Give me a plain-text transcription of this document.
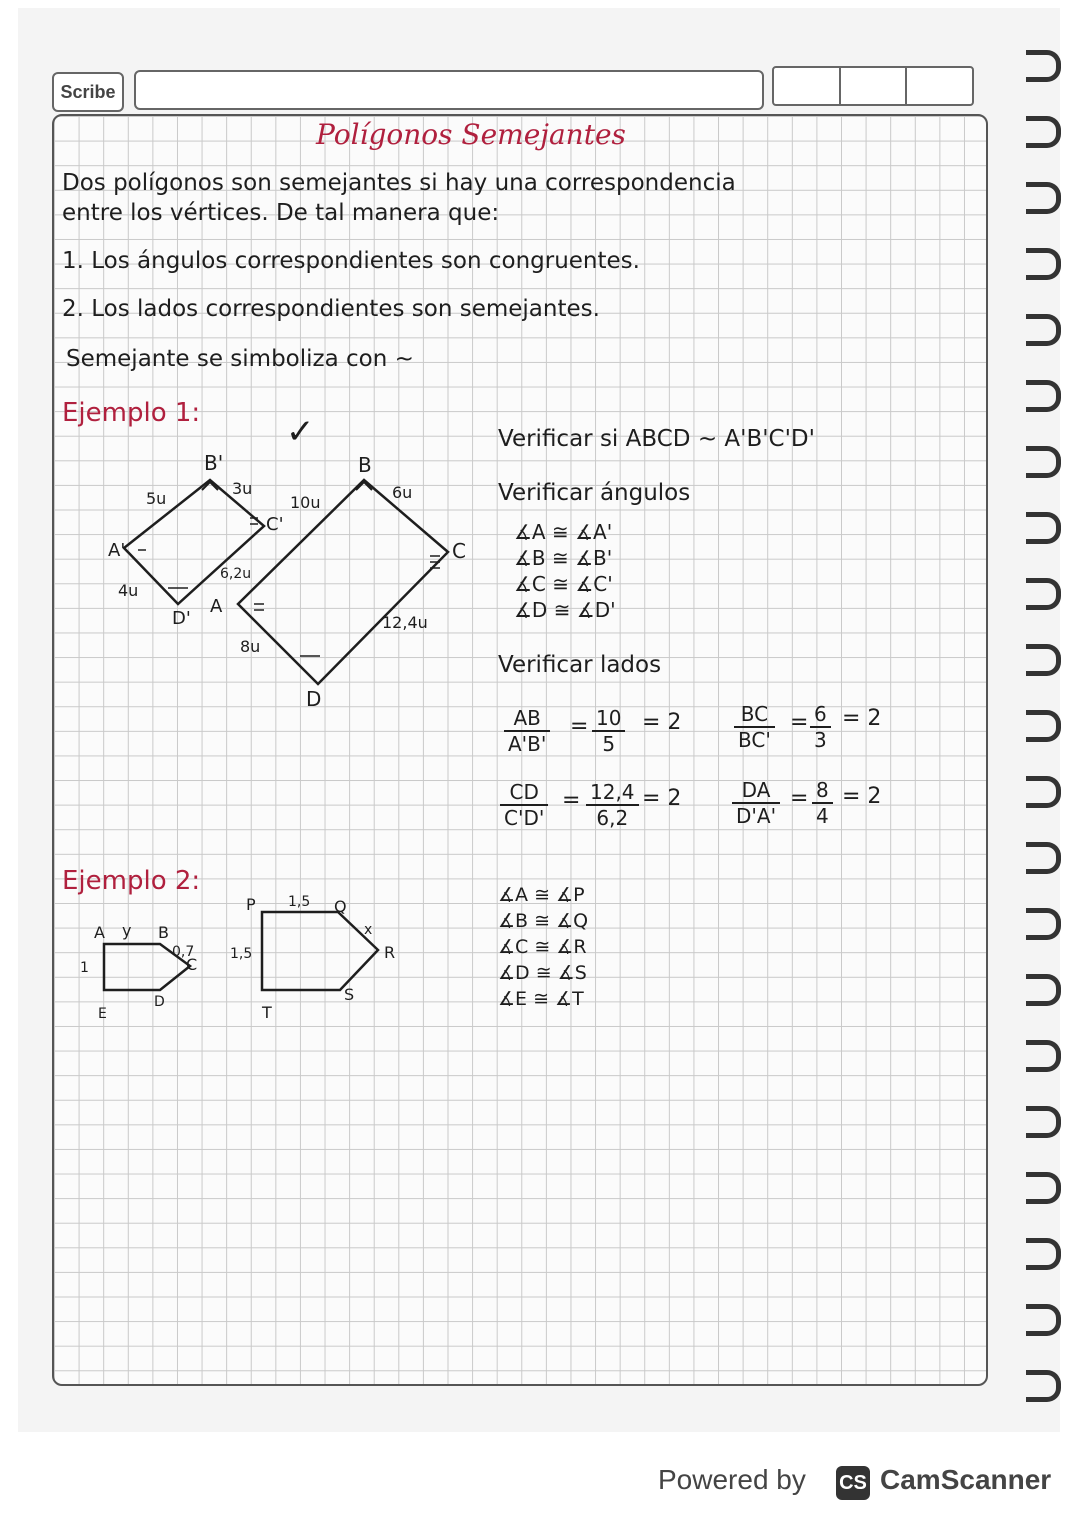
Scribe
Polígonos Semejantes
Dos polígonos son semejantes si hay una correspondencia
entre los vértices. De tal manera que:
1. Los ángulos correspondientes son congruentes.
2. Los lados correspondientes son semejantes.
Semejante se simboliza con ~
Ejemplo 1:	✓
B'
C'
D'
A'
3u
5u
4u
6,2u
B
C
D
A
6u
10u
12,4u
8u
Verificar si ABCD ~ A'B'C'D'
Verificar ángulos
∡A ≅ ∡A'
∡B ≅ ∡B'
∡C ≅ ∡C'
∡D ≅ ∡D'
Verificar lados
$\frac{AB}{A'B'} = \frac{10}{5} = 2$	$\frac{BC}{BC'} = \frac{6}{3} = 2$
$\frac{CD}{C'D'} = \frac{12,4}{6,2} = 2$	$\frac{DA}{D'A'} = \frac{8}{4} = 2$
Ejemplo 2:
A y B
C
D
E
1
0,7
P	Q
R
S
T
x
1,5
1,5
∡A ≅ ∡P
∡B ≅ ∡Q
∡C ≅ ∡R
∡D ≅ ∡S
∡E ≅ ∡T
Powered by CS CamScanner
